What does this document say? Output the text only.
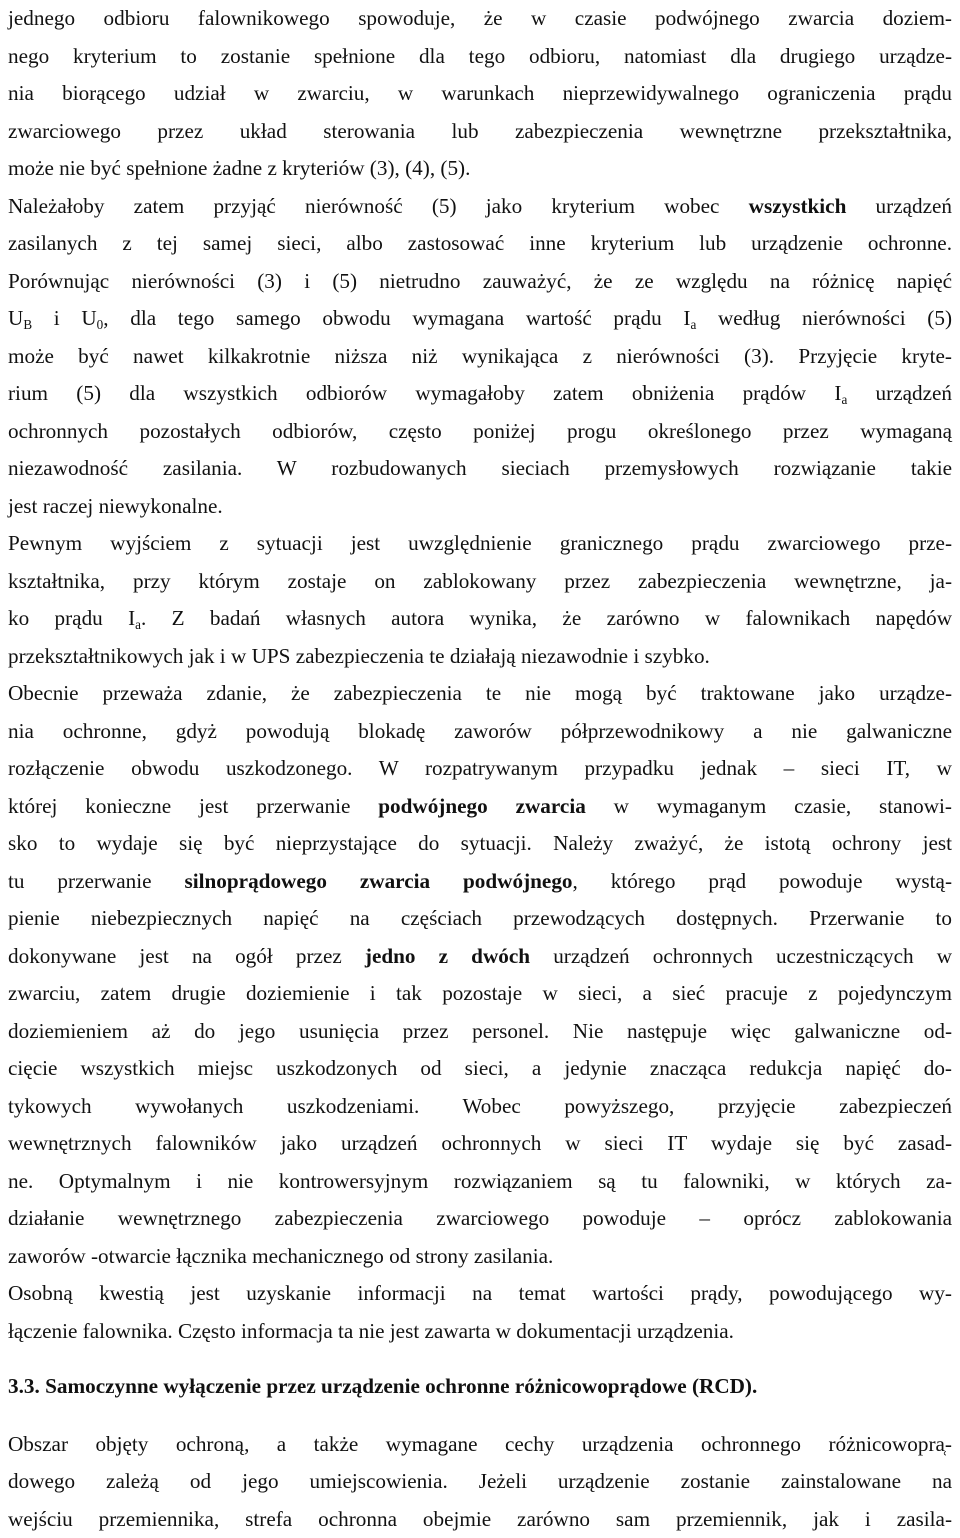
jednego odbioru falownikowego spowoduje, że w czasie podwójnego zwarcia doziem-
nego kryterium to zostanie spełnione dla tego odbioru, natomiast dla drugiego urządze-
nia biorącego udział w zwarciu, w warunkach nieprzewidywalnego ograniczenia prądu
zwarciowego przez układ sterowania lub zabezpieczenia wewnętrzne przekształtnika,
może nie być spełnione żadne z kryteriów (3), (4), (5).
Należałoby zatem przyjąć nierówność (5) jako kryterium wobec wszystkich urządzeń
zasilanych z tej samej sieci, albo zastosować inne kryterium lub urządzenie ochronne.
Porównując nierówności (3) i (5) nietrudno zauważyć, że ze względu na różnicę napięć
$U_B$ i $U_0$, dla tego samego obwodu wymagana wartość prądu $I_a$ według nierówności (5)
może być nawet kilkakrotnie niższa niż wynikająca z nierówności (3). Przyjęcie kryte-
rium (5) dla wszystkich odbiorów wymagałoby zatem obniżenia prądów $I_a$ urządzeń
ochronnych pozostałych odbiorów, często poniżej progu określonego przez wymaganą
niezawodność zasilania. W rozbudowanych sieciach przemysłowych rozwiązanie takie
jest raczej niewykonalne.
Pewnym wyjściem z sytuacji jest uwzględnienie granicznego prądu zwarciowego prze-
kształtnika, przy którym zostaje on zablokowany przez zabezpieczenia wewnętrzne, ja-
ko prądu $I_a$. Z badań własnych autora wynika, że zarówno w falownikach napędów
przekształtnikowych jak i w UPS zabezpieczenia te działają niezawodnie i szybko.
Obecnie przeważa zdanie, że zabezpieczenia te nie mogą być traktowane jako urządze-
nia ochronne, gdyż powodują blokadę zaworów półprzewodnikowy a nie galwaniczne
rozłączenie obwodu uszkodzonego. W rozpatrywanym przypadku jednak – sieci IT, w
której konieczne jest przerwanie podwójnego zwarcia w wymaganym czasie, stanowi-
sko to wydaje się być nieprzystające do sytuacji. Należy zważyć, że istotą ochrony jest
tu przerwanie silnoprądowego zwarcia podwójnego, którego prąd powoduje wystą-
pienie niebezpiecznych napięć na częściach przewodzących dostępnych. Przerwanie to
dokonywane jest na ogół przez jedno z dwóch urządzeń ochronnych uczestniczących w
zwarciu, zatem drugie doziemienie i tak pozostaje w sieci, a sieć pracuje z pojedynczym
doziemieniem aż do jego usunięcia przez personel. Nie następuje więc galwaniczne od-
cięcie wszystkich miejsc uszkodzonych od sieci, a jedynie znacząca redukcja napięć do-
tykowych wywołanych uszkodzeniami. Wobec powyższego, przyjęcie zabezpieczeń
wewnętrznych falowników jako urządzeń ochronnych w sieci IT wydaje się być zasad-
ne. Optymalnym i nie kontrowersyjnym rozwiązaniem są tu falowniki, w których za-
działanie wewnętrznego zabezpieczenia zwarciowego powoduje – oprócz zablokowania
zaworów -otwarcie łącznika mechanicznego od strony zasilania.
Osobną kwestią jest uzyskanie informacji na temat wartości prądy, powodującego wy-
łączenie falownika. Często informacja ta nie jest zawarta w dokumentacji urządzenia.
3.3. Samoczynne wyłączenie przez urządzenie ochronne różnicowoprądowe (RCD).
Obszar objęty ochroną, a także wymagane cechy urządzenia ochronnego różnicowopra̜-
dowego zależą od jego umiejscowienia. Jeżeli urządzenie zostanie zainstalowane na
wejściu przemiennika, strefa ochronna obejmie zarówno sam przemiennik, jak i zasila-
